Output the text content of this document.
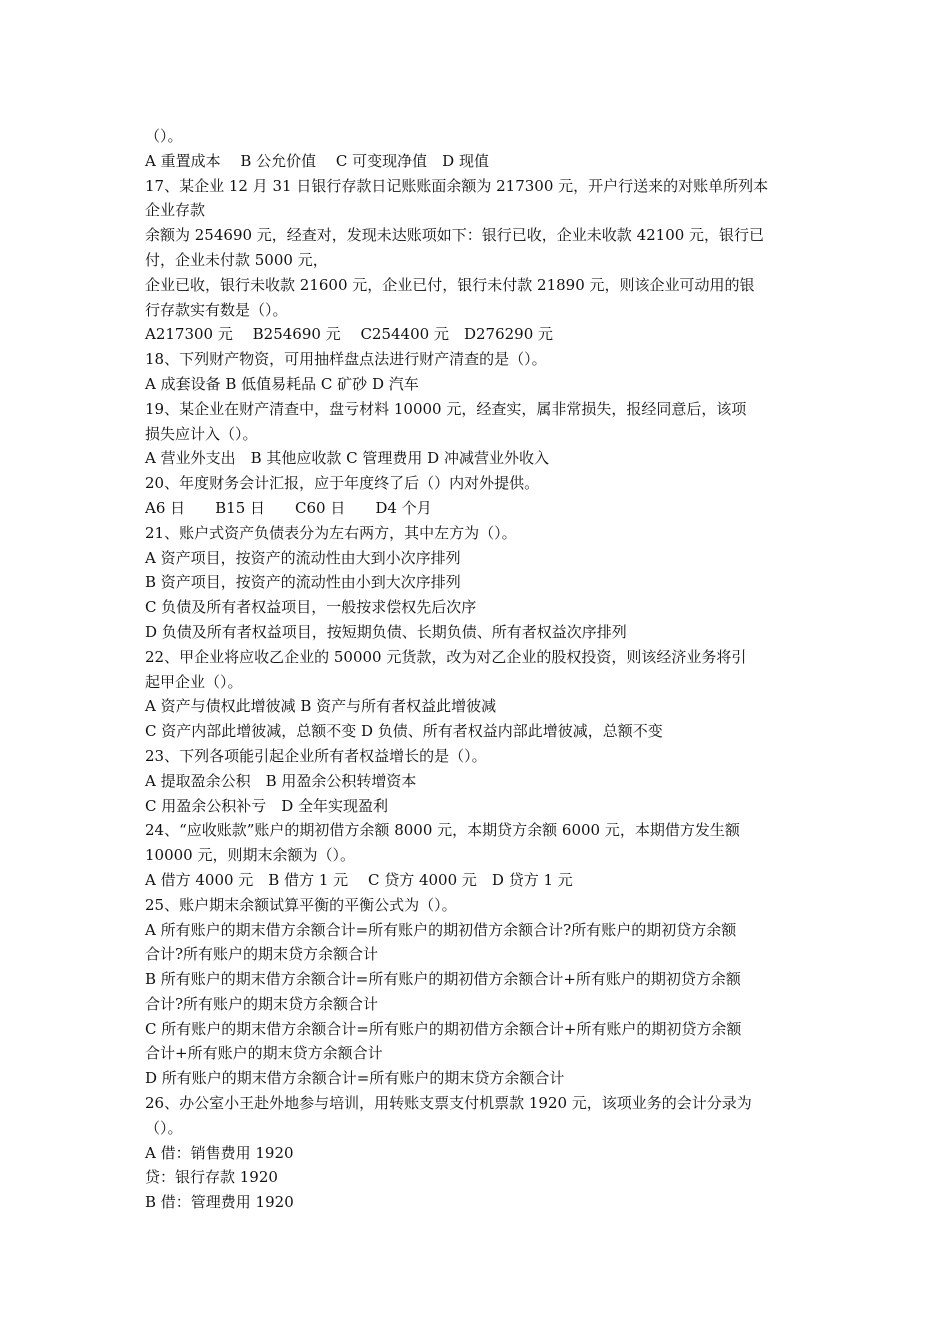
（）。
A 重置成本　 B 公允价值　 C 可变现净值　D 现值
17、某企业 12 月 31 日银行存款日记账账面余额为 217300 元，开户行送来的对账单所列本
企业存款
余额为 254690 元，经查对，发现未达账项如下：银行已收，企业未收款 42100 元，银行已
付，企业未付款 5000 元，
企业已收，银行未收款 21600 元，企业已付，银行未付款 21890 元，则该企业可动用的银
行存款实有数是（）。
A217300 元　 B254690 元　 C254400 元　D276290 元
18、下列财产物资，可用抽样盘点法进行财产清查的是（）。
A 成套设备 B 低值易耗品 C 矿砂 D 汽车
19、某企业在财产清查中，盘亏材料 10000 元，经查实，属非常损失，报经同意后，该项
损失应计入（）。
A 营业外支出　B 其他应收款 C 管理费用 D 冲减营业外收入
20、年度财务会计汇报，应于年度终了后（）内对外提供。
A6 日　　B15 日　　C60 日　　D4 个月
21、账户式资产负债表分为左右两方，其中左方为（）。
A 资产项目，按资产的流动性由大到小次序排列
B 资产项目，按资产的流动性由小到大次序排列
C 负债及所有者权益项目，一般按求偿权先后次序
D 负债及所有者权益项目，按短期负债、长期负债、所有者权益次序排列
22、甲企业将应收乙企业的 50000 元货款，改为对乙企业的股权投资，则该经济业务将引
起甲企业（）。
A 资产与债权此增彼减 B 资产与所有者权益此增彼减
C 资产内部此增彼减，总额不变 D 负债、所有者权益内部此增彼减，总额不变
23、下列各项能引起企业所有者权益增长的是（）。
A 提取盈余公积　B 用盈余公积转增资本
C 用盈余公积补亏　D 全年实现盈利
24、“应收账款”账户的期初借方余额 8000 元，本期贷方余额 6000 元，本期借方发生额
10000 元，则期末余额为（）。
A 借方 4000 元　B 借方 1 元　 C 贷方 4000 元　D 贷方 1 元
25、账户期末余额试算平衡的平衡公式为（）。
A 所有账户的期末借方余额合计=所有账户的期初借方余额合计?所有账户的期初贷方余额
合计?所有账户的期末贷方余额合计
B 所有账户的期末借方余额合计=所有账户的期初借方余额合计+所有账户的期初贷方余额
合计?所有账户的期末贷方余额合计
C 所有账户的期末借方余额合计=所有账户的期初借方余额合计+所有账户的期初贷方余额
合计+所有账户的期末贷方余额合计
D 所有账户的期末借方余额合计=所有账户的期末贷方余额合计
26、办公室小王赴外地参与培训，用转账支票支付机票款 1920 元，该项业务的会计分录为
（）。
A 借：销售费用 1920
贷：银行存款 1920
B 借：管理费用 1920
